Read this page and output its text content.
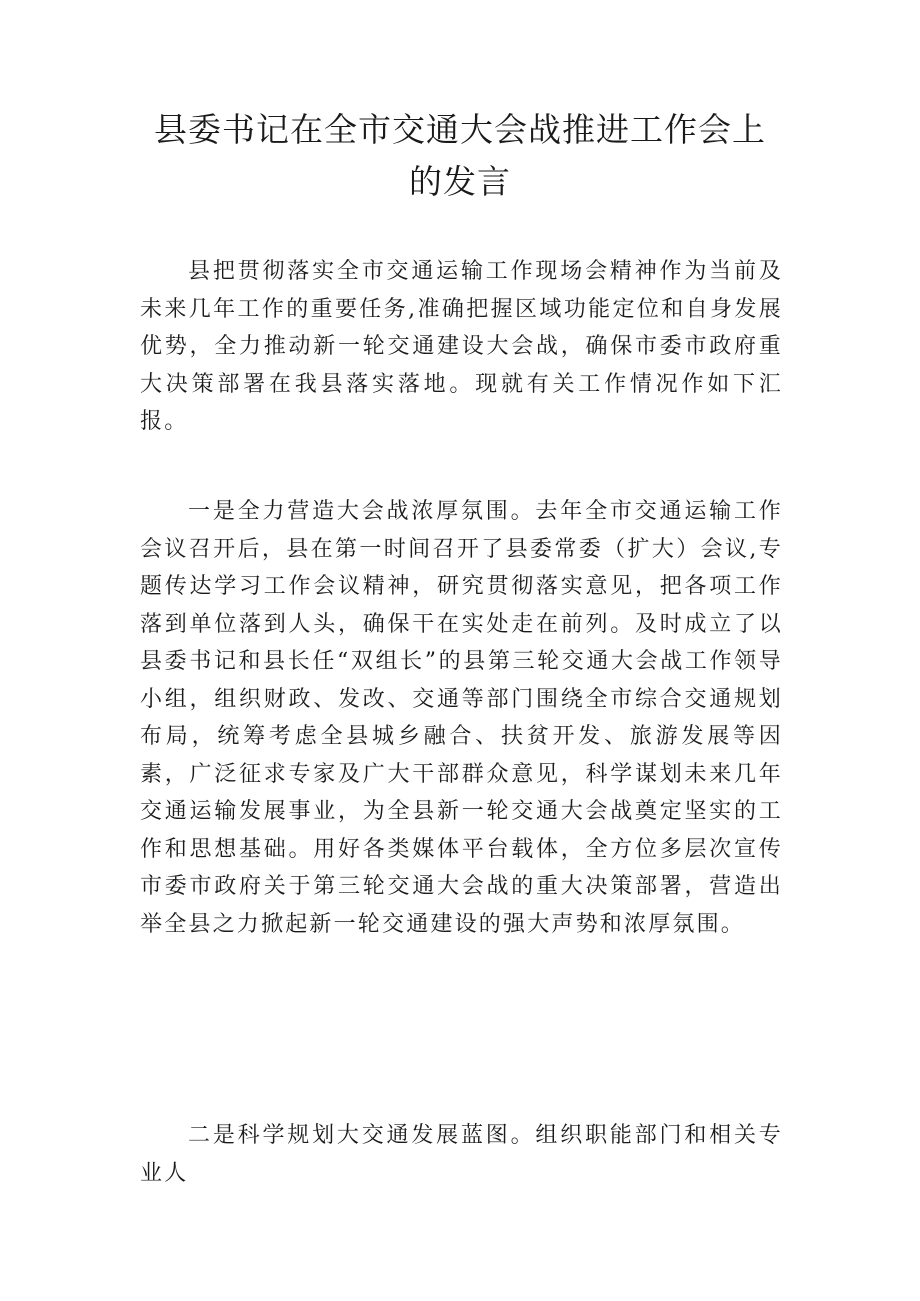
县委书记在全市交通大会战推进工作会上
的发言

县把贯彻落实全市交通运输工作现场会精神作为当前及未来几年工作的重要任务,准确把握区域功能定位和自身发展优势，全力推动新一轮交通建设大会战，确保市委市政府重大决策部署在我县落实落地。现就有关工作情况作如下汇报。

一是全力营造大会战浓厚氛围。去年全市交通运输工作会议召开后，县在第一时间召开了县委常委（扩大）会议,专题传达学习工作会议精神，研究贯彻落实意见，把各项工作落到单位落到人头，确保干在实处走在前列。及时成立了以县委书记和县长任“双组长”的县第三轮交通大会战工作领导小组，组织财政、发改、交通等部门围绕全市综合交通规划布局，统筹考虑全县城乡融合、扶贫开发、旅游发展等因素，广泛征求专家及广大干部群众意见，科学谋划未来几年交通运输发展事业，为全县新一轮交通大会战奠定坚实的工作和思想基础。用好各类媒体平台载体，全方位多层次宣传市委市政府关于第三轮交通大会战的重大决策部署，营造出举全县之力掀起新一轮交通建设的强大声势和浓厚氛围。

二是科学规划大交通发展蓝图。组织职能部门和相关专业人
